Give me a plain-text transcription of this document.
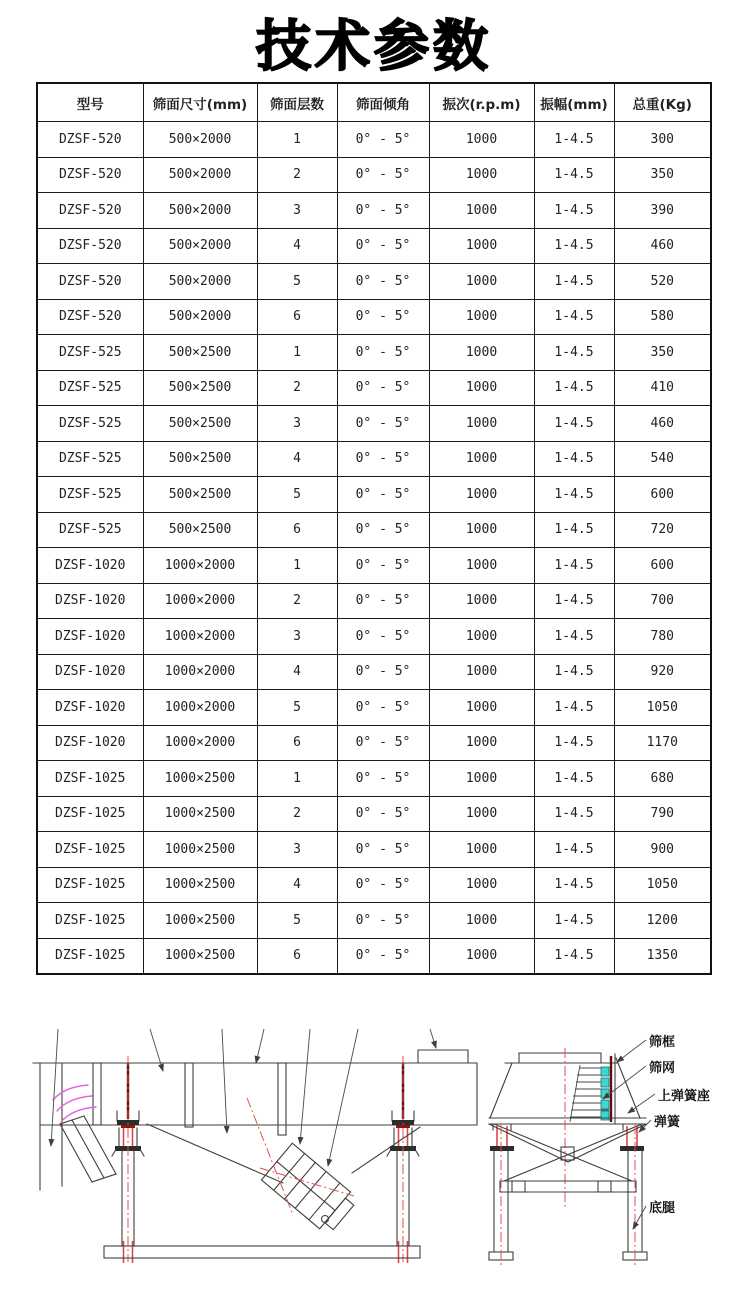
技术参数
型号	筛面尺寸(mm)	筛面层数	筛面倾角	振次(r.p.m)	振幅(mm)	总重(Kg)
DZSF-520	500×2000	1	0° - 5°	1000	1-4.5	300
DZSF-520	500×2000	2	0° - 5°	1000	1-4.5	350
DZSF-520	500×2000	3	0° - 5°	1000	1-4.5	390
DZSF-520	500×2000	4	0° - 5°	1000	1-4.5	460
DZSF-520	500×2000	5	0° - 5°	1000	1-4.5	520
DZSF-520	500×2000	6	0° - 5°	1000	1-4.5	580
DZSF-525	500×2500	1	0° - 5°	1000	1-4.5	350
DZSF-525	500×2500	2	0° - 5°	1000	1-4.5	410
DZSF-525	500×2500	3	0° - 5°	1000	1-4.5	460
DZSF-525	500×2500	4	0° - 5°	1000	1-4.5	540
DZSF-525	500×2500	5	0° - 5°	1000	1-4.5	600
DZSF-525	500×2500	6	0° - 5°	1000	1-4.5	720
DZSF-1020	1000×2000	1	0° - 5°	1000	1-4.5	600
DZSF-1020	1000×2000	2	0° - 5°	1000	1-4.5	700
DZSF-1020	1000×2000	3	0° - 5°	1000	1-4.5	780
DZSF-1020	1000×2000	4	0° - 5°	1000	1-4.5	920
DZSF-1020	1000×2000	5	0° - 5°	1000	1-4.5	1050
DZSF-1020	1000×2000	6	0° - 5°	1000	1-4.5	1170
DZSF-1025	1000×2500	1	0° - 5°	1000	1-4.5	680
DZSF-1025	1000×2500	2	0° - 5°	1000	1-4.5	790
DZSF-1025	1000×2500	3	0° - 5°	1000	1-4.5	900
DZSF-1025	1000×2500	4	0° - 5°	1000	1-4.5	1050
DZSF-1025	1000×2500	5	0° - 5°	1000	1-4.5	1200
DZSF-1025	1000×2500	6	0° - 5°	1000	1-4.5	1350
筛框
筛网
上弹簧座
弹簧
底腿
